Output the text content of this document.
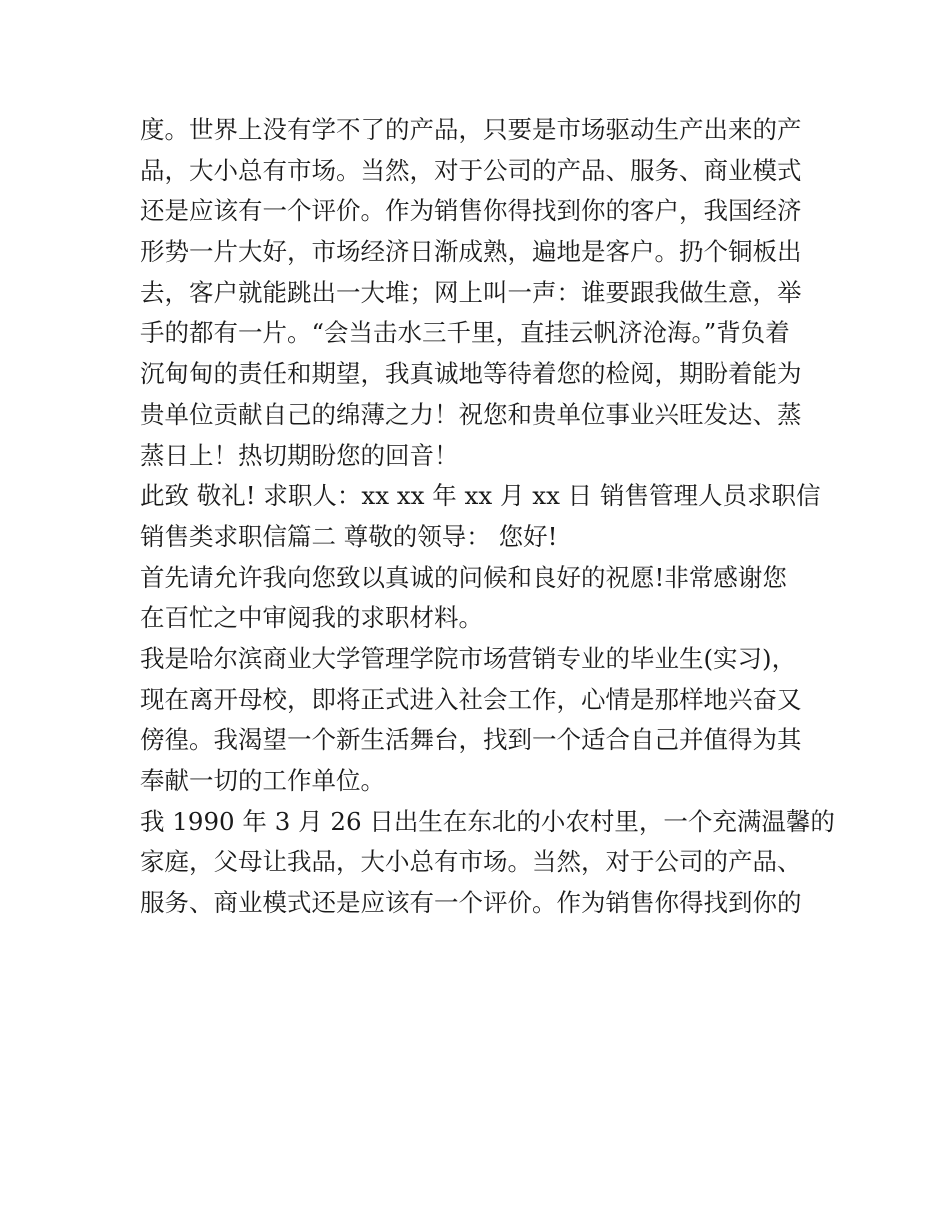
度。世界上没有学不了的产品，只要是市场驱动生产出来的产
品，大小总有市场。当然，对于公司的产品、服务、商业模式
还是应该有一个评价。作为销售你得找到你的客户，我国经济
形势一片大好，市场经济日渐成熟，遍地是客户。扔个铜板出
去，客户就能跳出一大堆；网上叫一声：谁要跟我做生意，举
手的都有一片。“会当击水三千里，直挂云帆济沧海。”背负着
沉甸甸的责任和期望，我真诚地等待着您的检阅，期盼着能为
贵单位贡献自己的绵薄之力！祝您和贵单位事业兴旺发达、蒸
蒸日上！热切期盼您的回音！
此致 敬礼! 求职人：xx xx 年 xx 月 xx 日 销售管理人员求职信
销售类求职信篇二 尊敬的领导： 您好!
首先请允许我向您致以真诚的问候和良好的祝愿!非常感谢您
在百忙之中审阅我的求职材料。
我是哈尔滨商业大学管理学院市场营销专业的毕业生(实习)，
现在离开母校，即将正式进入社会工作，心情是那样地兴奋又
傍徨。我渴望一个新生活舞台，找到一个适合自己并值得为其
奉献一切的工作单位。
我 1990 年 3 月 26 日出生在东北的小农村里，一个充满温馨的
家庭，父母让我品，大小总有市场。当然，对于公司的产品、
服务、商业模式还是应该有一个评价。作为销售你得找到你的
